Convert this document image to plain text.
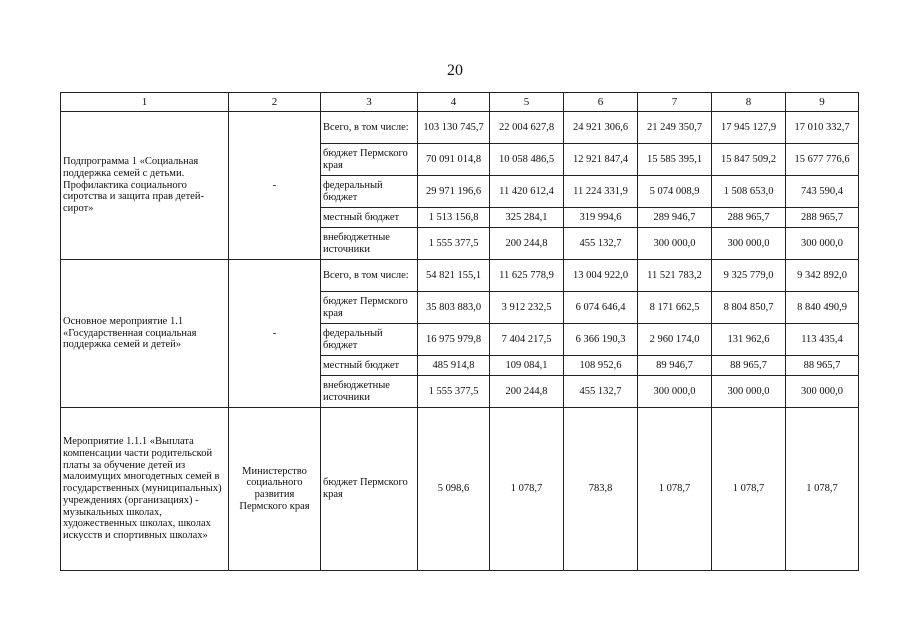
20
1	2	3	4	5	6	7	8	9
Подпрограмма 1 «Социальная поддержка семей с детьми. Профилактика социального сиротства и защита прав детей-сирот»	-	Всего, в том числе:	103 130 745,7	22 004 627,8	24 921 306,6	21 249 350,7	17 945 127,9	17 010 332,7
		бюджет Пермского края	70 091 014,8	10 058 486,5	12 921 847,4	15 585 395,1	15 847 509,2	15 677 776,6
		федеральный бюджет	29 971 196,6	11 420 612,4	11 224 331,9	5 074 008,9	1 508 653,0	743 590,4
		местный бюджет	1 513 156,8	325 284,1	319 994,6	289 946,7	288 965,7	288 965,7
		внебюджетные источники	1 555 377,5	200 244,8	455 132,7	300 000,0	300 000,0	300 000,0
Основное мероприятие 1.1 «Государственная социальная поддержка семей и детей»	-	Всего, в том числе:	54 821 155,1	11 625 778,9	13 004 922,0	11 521 783,2	9 325 779,0	9 342 892,0
		бюджет Пермского края	35 803 883,0	3 912 232,5	6 074 646,4	8 171 662,5	8 804 850,7	8 840 490,9
		федеральный бюджет	16 975 979,8	7 404 217,5	6 366 190,3	2 960 174,0	131 962,6	113 435,4
		местный бюджет	485 914,8	109 084,1	108 952,6	89 946,7	88 965,7	88 965,7
		внебюджетные источники	1 555 377,5	200 244,8	455 132,7	300 000,0	300 000,0	300 000,0
Мероприятие 1.1.1 «Выплата компенсации части родительской платы за обучение детей из малоимущих многодетных семей в государственных (муниципальных) учреждениях (организациях) - музыкальных школах, художественных школах, школах искусств и спортивных школах»	Министерство социального развития Пермского края	бюджет Пермского края	5 098,6	1 078,7	783,8	1 078,7	1 078,7	1 078,7
